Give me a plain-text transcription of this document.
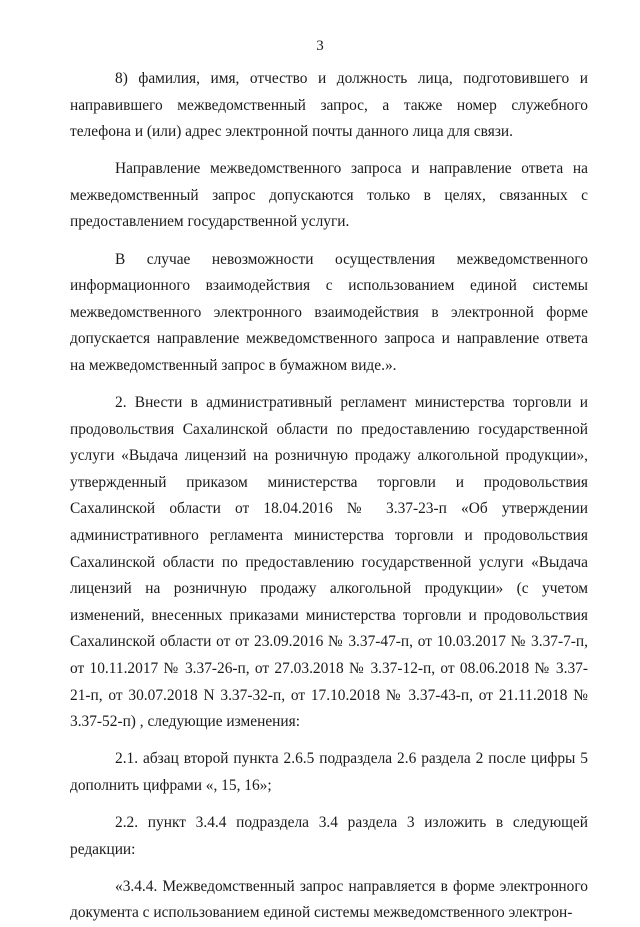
3

8) фамилия, имя, отчество и должность лица, подготовившего и направившего межведомственный запрос, а также номер служебного телефона и (или) адрес электронной почты данного лица для связи.

Направление межведомственного запроса и направление ответа на межведомственный запрос допускаются только в целях, связанных с предоставлением государственной услуги.

В случае невозможности осуществления межведомственного информационного взаимодействия с использованием единой системы межведомственного электронного взаимодействия в электронной форме допускается направление межведомственного запроса и направление ответа на межведомственный запрос в бумажном виде.».

2. Внести в административный регламент министерства торговли и продовольствия Сахалинской области по предоставлению государственной услуги «Выдача лицензий на розничную продажу алкогольной продукции», утвержденный приказом министерства торговли и продовольствия Сахалинской области от 18.04.2016 № 3.37-23-п «Об утверждении административного регламента министерства торговли и продовольствия Сахалинской области по предоставлению государственной услуги «Выдача лицензий на розничную продажу алкогольной продукции» (с учетом изменений, внесенных приказами министерства торговли и продовольствия Сахалинской области от от 23.09.2016 № 3.37-47-п, от 10.03.2017 № 3.37-7-п, от 10.11.2017 № 3.37-26-п, от 27.03.2018 № 3.37-12-п, от 08.06.2018 № 3.37-21-п, от 30.07.2018 N 3.37-32-п, от 17.10.2018 № 3.37-43-п, от 21.11.2018 № 3.37-52-п) , следующие изменения:

2.1. абзац второй пункта 2.6.5 подраздела 2.6 раздела 2 после цифры 5 дополнить цифрами «, 15, 16»;

2.2. пункт 3.4.4 подраздела 3.4 раздела 3 изложить в следующей редакции:

«3.4.4. Межведомственный запрос направляется в форме электронного документа с использованием единой системы межведомственного электрон-
